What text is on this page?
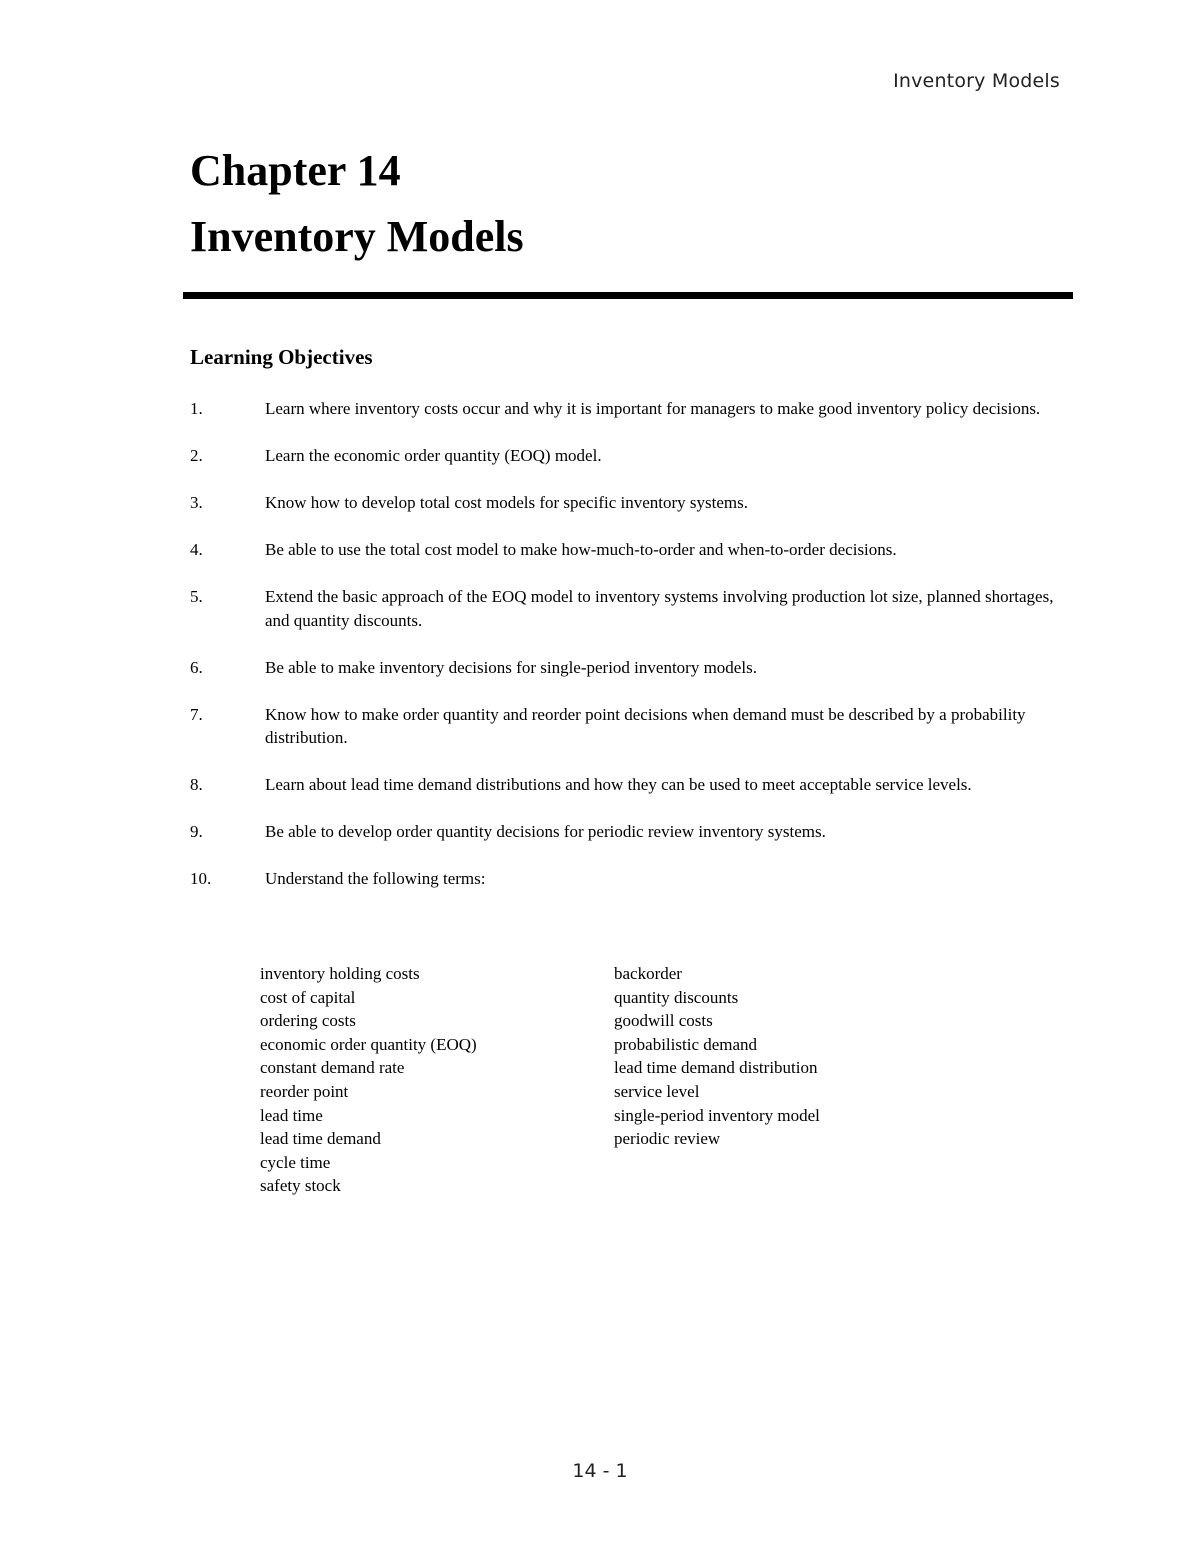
Inventory Models
Chapter 14
Inventory Models
Learning Objectives
1.	Learn where inventory costs occur and why it is important for managers to make good inventory policy decisions.
2.	Learn the economic order quantity (EOQ) model.
3.	Know how to develop total cost models for specific inventory systems.
4.	Be able to use the total cost model to make how-much-to-order and when-to-order decisions.
5.	Extend the basic approach of the EOQ model to inventory systems involving production lot size, planned shortages, and quantity discounts.
6.	Be able to make inventory decisions for single-period inventory models.
7.	Know how to make order quantity and reorder point decisions when demand must be described by a probability distribution.
8.	Learn about lead time demand distributions and how they can be used to meet acceptable service levels.
9.	Be able to develop order quantity decisions for periodic review inventory systems.
10.	Understand the following terms:
inventory holding costs
cost of capital
ordering costs
economic order quantity (EOQ)
constant demand rate
reorder point
lead time
lead time demand
cycle time
safety stock
backorder
quantity discounts
goodwill costs
probabilistic demand
lead time demand distribution
service level
single-period inventory model
periodic review
14 - 1
